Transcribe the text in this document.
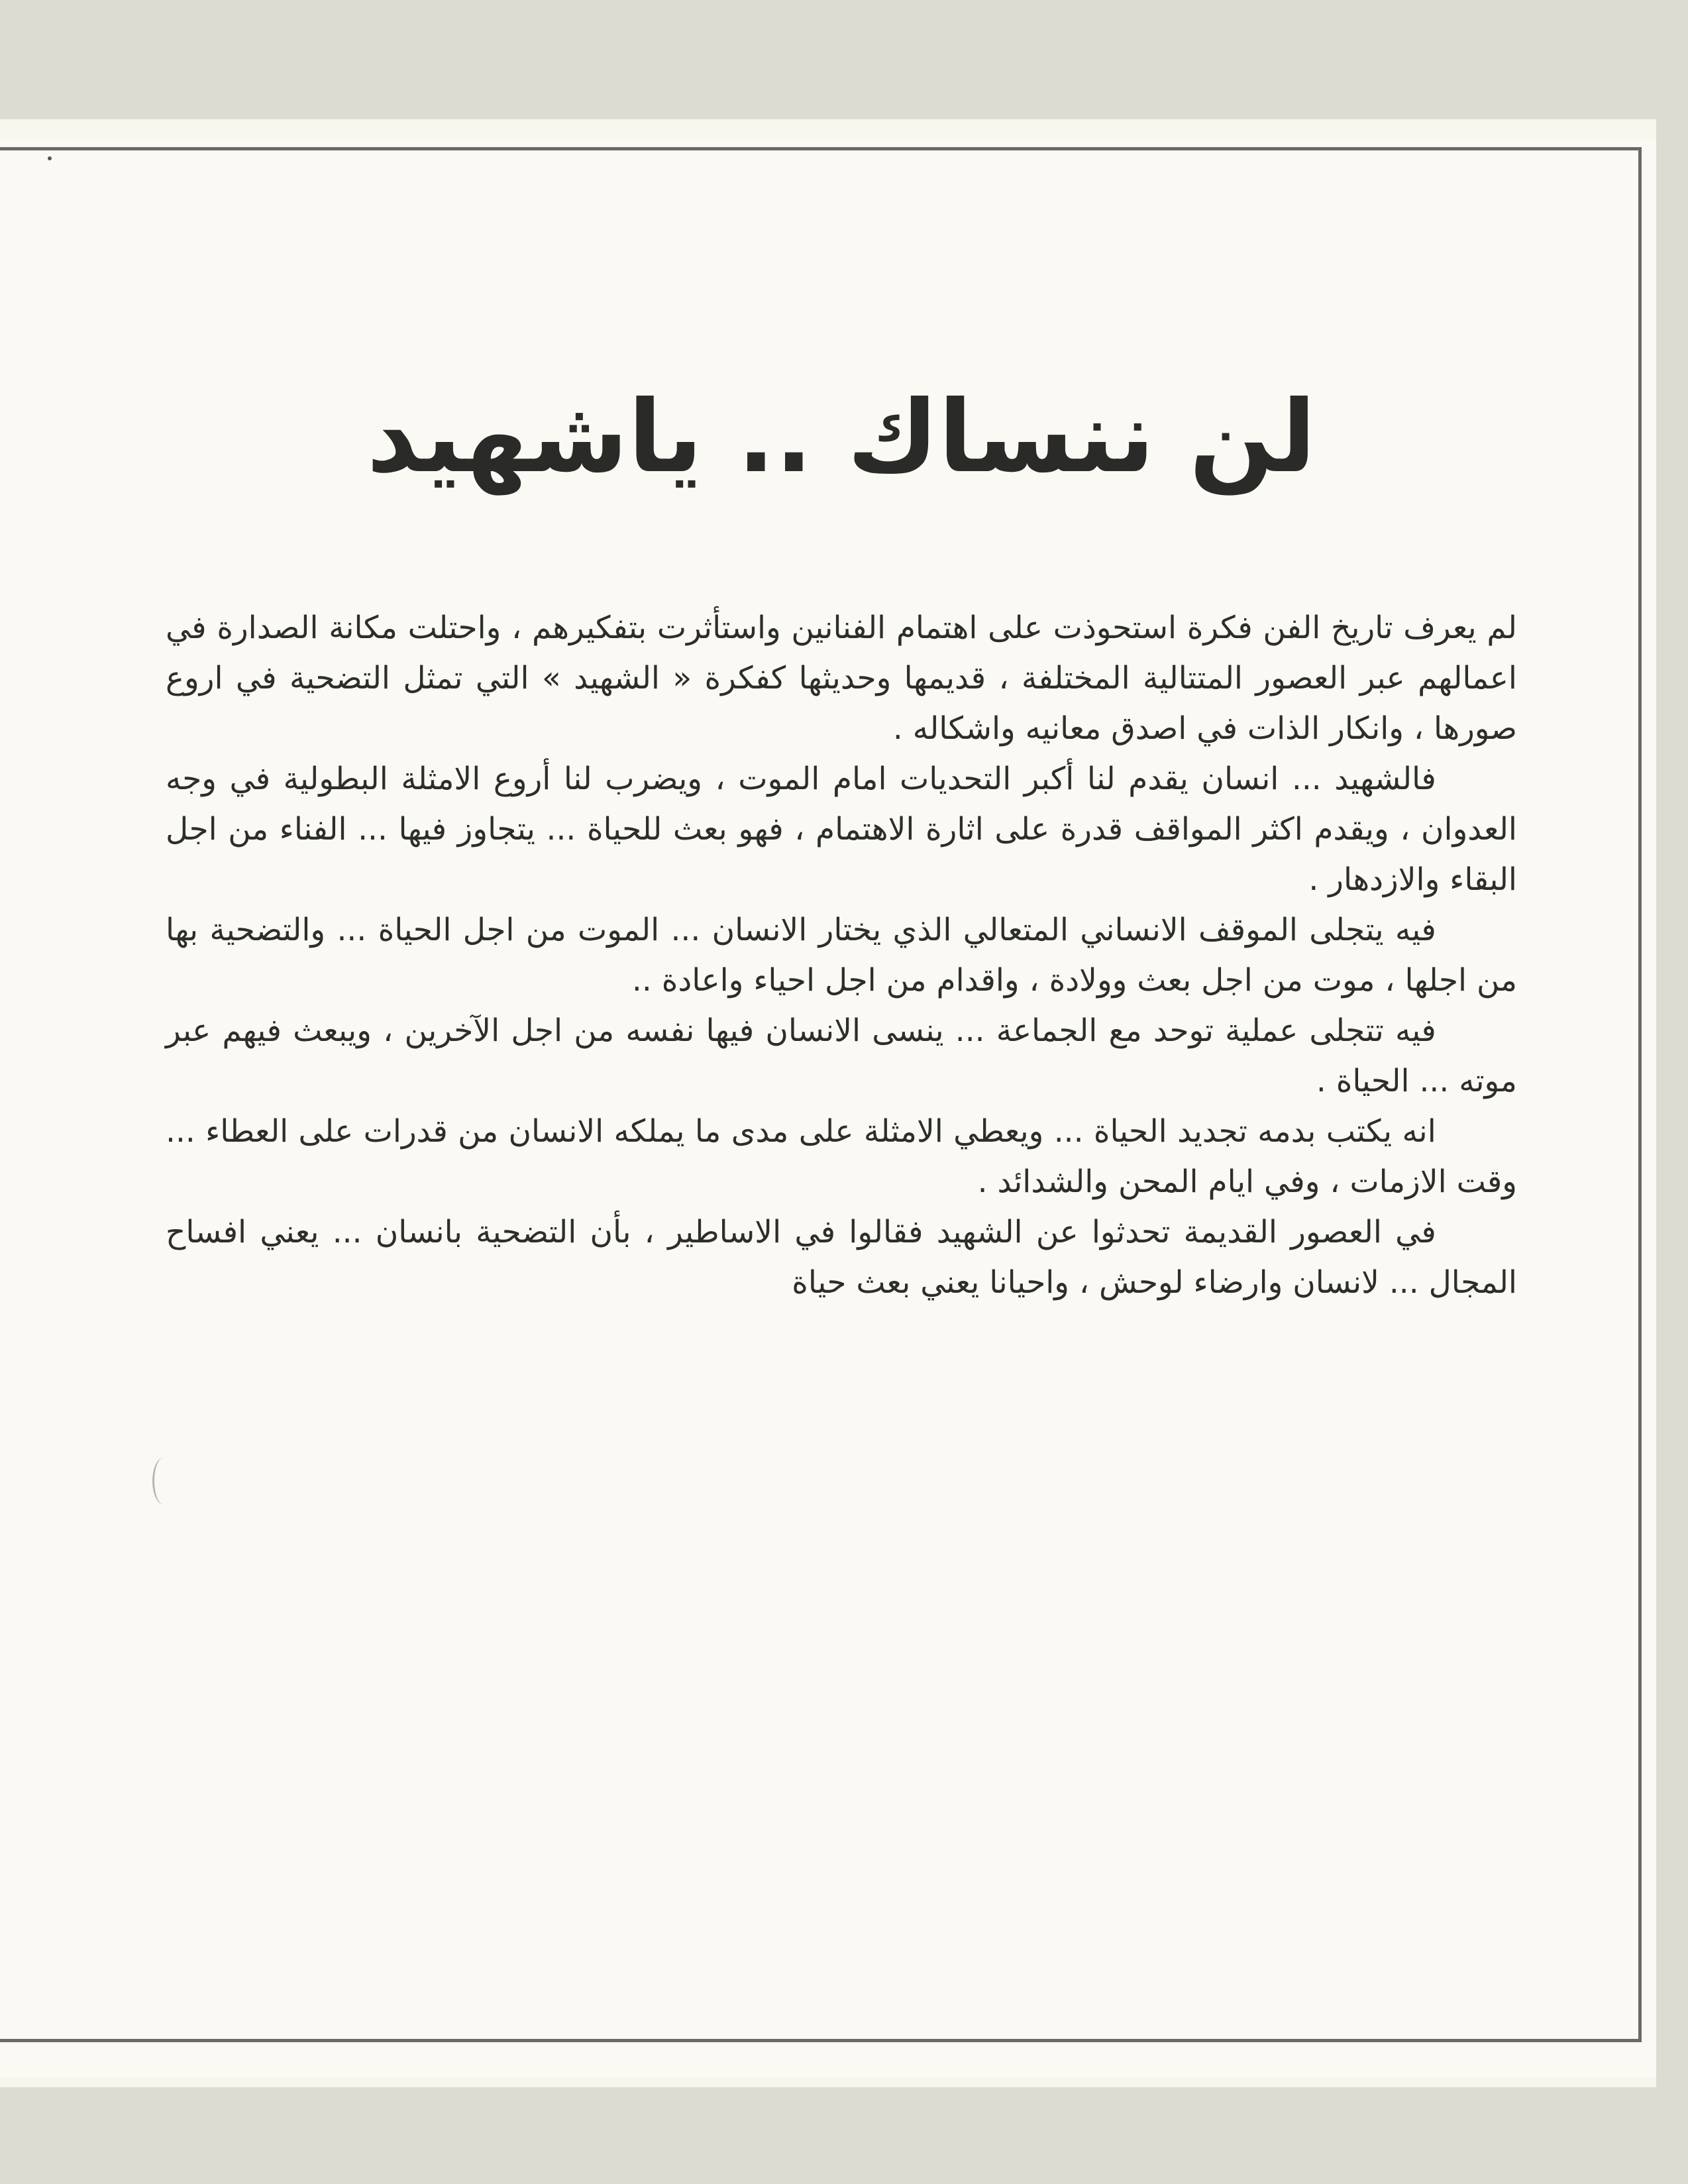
لن ننساك .. ياشهيد

لم يعرف تاريخ الفن فكرة استحوذت على اهتمام الفنانين واستأثرت بتفكيرهم ، واحتلت مكانة الصدارة في اعمالهم عبر العصور المتتالية المختلفة ، قديمها وحديثها كفكرة « الشهيد » التي تمثل التضحية في اروع صورها ، وانكار الذات في اصدق معانيه واشكاله .

فالشهيد ... انسان يقدم لنا أكبر التحديات امام الموت ، ويضرب لنا أروع الامثلة البطولية في وجه العدوان ، ويقدم اكثر المواقف قدرة على اثارة الاهتمام ، فهو بعث للحياة ... يتجاوز فيها ... الفناء من اجل البقاء والازدهار .

فيه يتجلى الموقف الانساني المتعالي الذي يختار الانسان ... الموت من اجل الحياة ... والتضحية بها من اجلها ، موت من اجل بعث وولادة ، واقدام من اجل احياء واعادة ..

فيه تتجلى عملية توحد مع الجماعة ... ينسى الانسان فيها نفسه من اجل الآخرين ، ويبعث فيهم عبر موته ... الحياة .

انه يكتب بدمه تجديد الحياة ... ويعطي الامثلة على مدى ما يملكه الانسان من قدرات على العطاء ... وقت الازمات ، وفي ايام المحن والشدائد .

في العصور القديمة تحدثوا عن الشهيد فقالوا في الاساطير ، بأن التضحية بانسان ... يعني افساح المجال ... لانسان وارضاء لوحش ، واحيانا يعني بعث حياة
